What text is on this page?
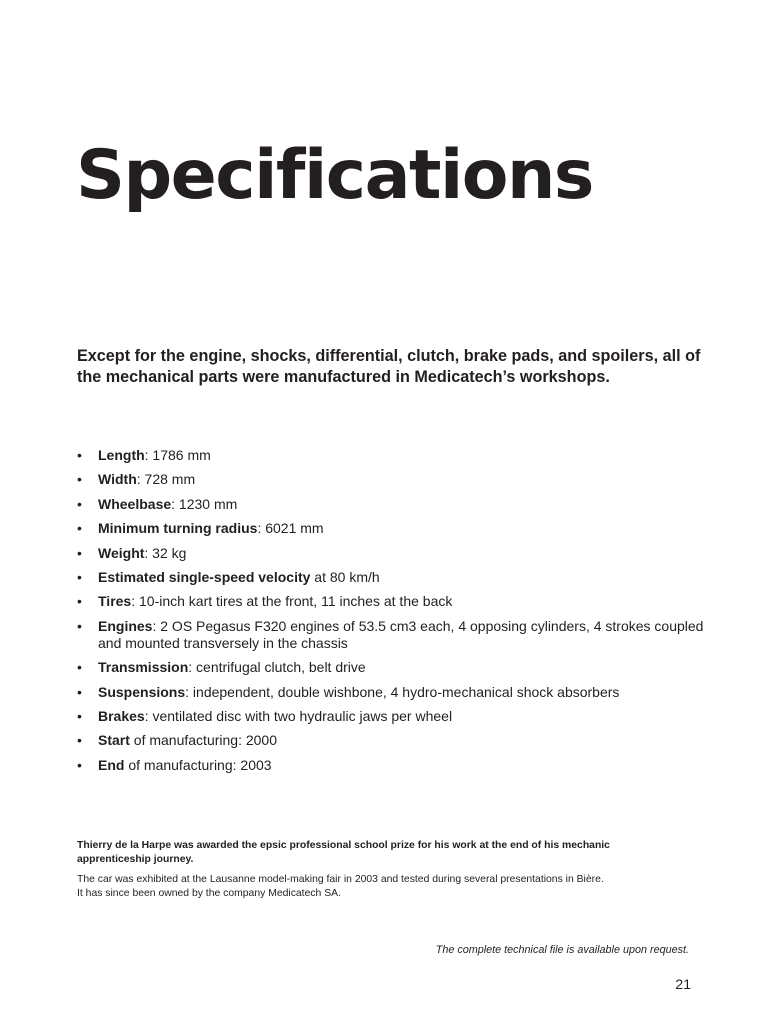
Specifications

Except for the engine, shocks, differential, clutch, brake pads, and spoilers, all of the mechanical parts were manufactured in Medicatech’s workshops.

• Length: 1786 mm
• Width: 728 mm
• Wheelbase: 1230 mm
• Minimum turning radius: 6021 mm
• Weight: 32 kg
• Estimated single-speed velocity at 80 km/h
• Tires: 10-inch kart tires at the front, 11 inches at the back
• Engines: 2 OS Pegasus F320 engines of 53.5 cm3 each, 4 opposing cylinders, 4 strokes coupled and mounted transversely in the chassis
• Transmission: centrifugal clutch, belt drive
• Suspensions: independent, double wishbone, 4 hydro-mechanical shock absorbers
• Brakes: ventilated disc with two hydraulic jaws per wheel
• Start of manufacturing: 2000
• End of manufacturing: 2003

Thierry de la Harpe was awarded the epsic professional school prize for his work at the end of his mechanic apprenticeship journey.

The car was exhibited at the Lausanne model-making fair in 2003 and tested during several presentations in Bière.
It has since been owned by the company Medicatech SA.

The complete technical file is available upon request.

21
